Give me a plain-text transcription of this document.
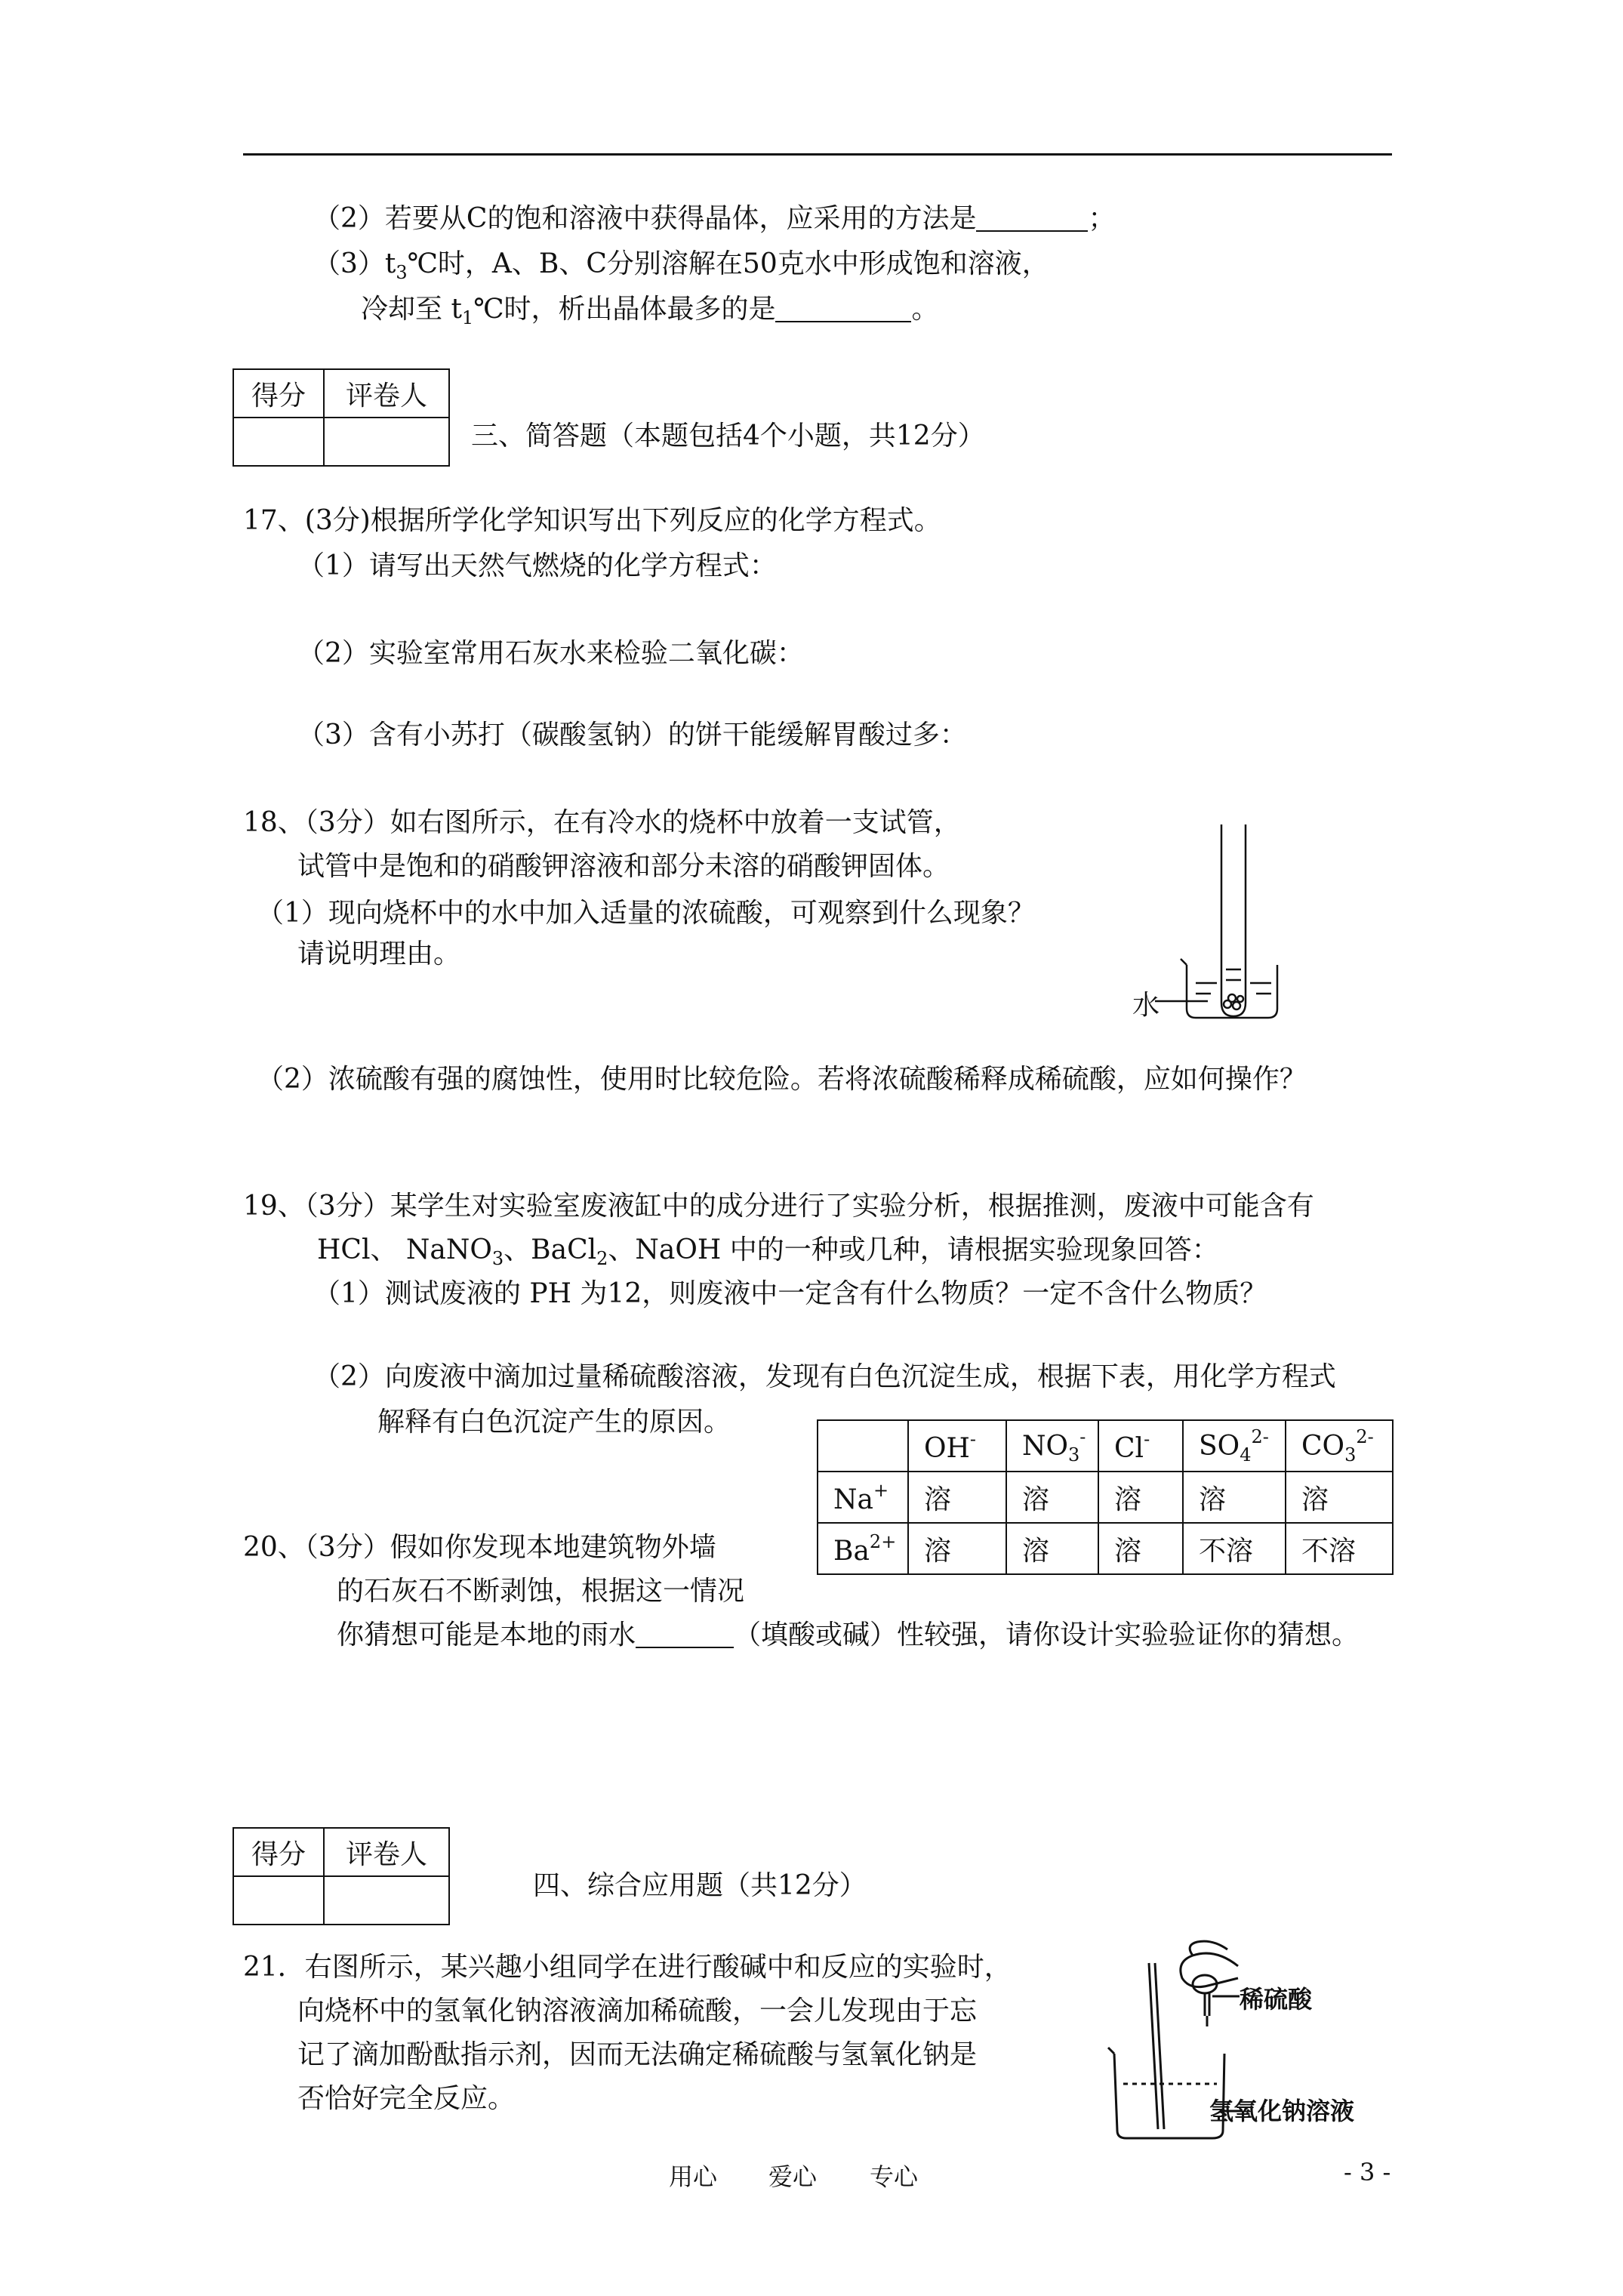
（2）若要从C的饱和溶液中获得晶体，应采用的方法是	；
$(3)t_3℃$时，A、B、C分别溶解在50克水中形成饱和溶液，
冷却至 $t_1℃$时，析出晶体最多的是	。
得分	评卷人

三、简答题（本题包括4个小题，共12分）
17、(3分)根据所学化学知识写出下列反应的化学方程式。
（1）请写出天然气燃烧的化学方程式：
（2）实验室常用石灰水来检验二氧化碳：
（3）含有小苏打（碳酸氢钠）的饼干能缓解胃酸过多：
18、（3分）如右图所示，在有冷水的烧杯中放着一支试管，
试管中是饱和的硝酸钾溶液和部分未溶的硝酸钾固体。
（1）现向烧杯中的水中加入适量的浓硫酸，可观察到什么现象？
请说明理由。
水
（2）浓硫酸有强的腐蚀性，使用时比较危险。若将浓硫酸稀释成稀硫酸，应如何操作？
19、（3分）某学生对实验室废液缸中的成分进行了实验分析，根据推测，废液中可能含有
HCl、 NaNO$_3$、BaCl$_2$、NaOH 中的一种或几种，请根据实验现象回答：
（1）测试废液的 PH 为12，则废液中一定含有什么物质？一定不含什么物质？
（2）向废液中滴加过量稀硫酸溶液，发现有白色沉淀生成，根据下表，用化学方程式
解释有白色沉淀产生的原因。
	OH-	$NO_3^-$	Cl-	$SO_4^{2-}$	$CO_3^{2-}$
Na+	溶	溶	溶	溶	溶
$Ba^{2+}$	溶	溶	溶	不溶	不溶
20、（3分）假如你发现本地建筑物外墙
的石灰石不断剥蚀，根据这一情况
你猜想可能是本地的雨水	（填酸或碱）性较强，请你设计实验验证你的猜想。
得分	评卷人

四、综合应用题（共12分）
21．右图所示，某兴趣小组同学在进行酸碱中和反应的实验时，
向烧杯中的氢氧化钠溶液滴加稀硫酸，一会儿发现由于忘
记了滴加酚酞指示剂，因而无法确定稀硫酸与氢氧化钠是
否恰好完全反应。
稀硫酸
氢氧化钠溶液
用心 爱心 专心	- 3 -
